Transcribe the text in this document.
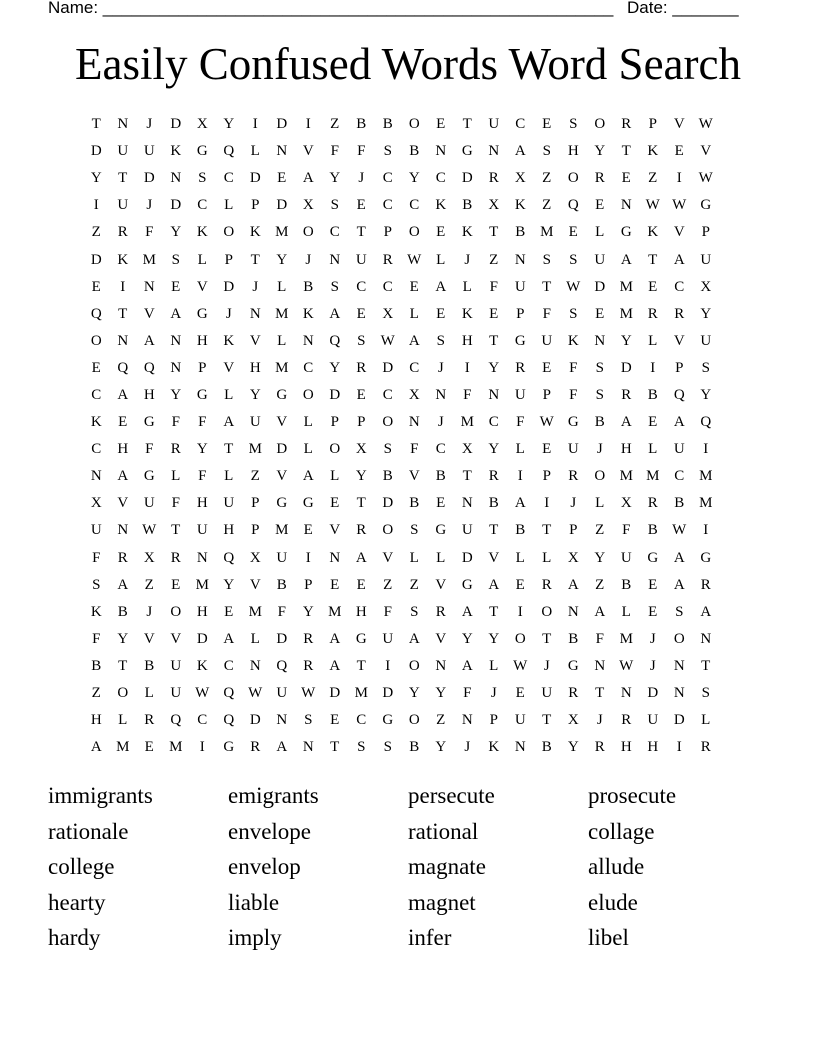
Name: ______________________________________________________ Date: _______
Easily Confused Words Word Search
T	N	J	D	X	Y	I	D	I	Z	B	B	O	E	T	U	C	E	S	O	R	P	V W
D	U	U	K	G	Q	L	N	V	F	F	S	B	N	G	N	A	S	H	Y	T	K	E	V
Y	T	D	N	S	C	D	E	A	Y	J	C	Y	C	D	R	X	Z	O	R	E	Z	I	W
I	U	J	D	C	L	P	D	X	S	E	C	C	K	B	X	K	Z	Q	E	N W W G
Z	R	F	Y	K	O	K M O	C	T	P	O	E	K	T	B M	E	L	G	K	V	P
D	K M	S	L	P	T	Y	J	N	U	R W L	J	Z	N	S	S	U	A	T	A	U
E	I	N	E	V	D	J	L	B	S	C	C	E	A	L	F	U	T W D M	E	C	X
Q	T	V	A	G	J	N M K	A	E	X	L	E	K	E	P	F	S	E	M R	R	Y
O	N	A	N	H	K	V	L	N	Q	S	W A	S	H	T	G	U	K	N	Y	L	V	U
E	Q	Q	N	P	V	H M C	Y	R	D	C	J	I	Y	R	E	F	S	D	I	P	S
C	A	H	Y	G	L	Y	G	O	D	E	C	X	N	F	N	U	P	F	S	R	B	Q	Y
K	E	G	F	F	A	U	V	L	P	P	O	N	J	M C	F	W G	B	A	E	A	Q
C	H	F	R	Y	T	M D	L	O	X	S	F	C	X	Y	L	E	U	J	H	L	U	I
N	A	G	L	F	L	Z	V	A	L	Y	B	V	B	T	R	I	P	R	O M M C M
X	V	U	F	H	U	P	G	G	E	T	D	B	E	N	B	A	I	J	L	X	R	B M
U	N W T	U	H	P	M	E	V	R	O	S	G	U	T	B	T	P	Z	F	B W	I
F	R	X	R	N	Q	X	U	I	N	A	V	L	L	D	V	L	L	X	Y	U	G	A	G
S	A	Z	E	M Y	V	B	P	E	E	Z	Z	V	G	A	E	R	A	Z	B	E	A	R
K	B	J	O	H	E	M	F	Y M H	F	S	R	A	T	I	O	N	A	L	E	S	A
F	Y	V	V	D	A	L	D	R	A	G	U	A	V	Y	Y	O	T	B	F	M	J	O	N
B	T	B	U	K	C	N	Q	R	A	T	I	O	N	A	L W	J	G	N W	J	N	T
Z	O	L	U W Q W U W D M D	Y	Y	F	J	E	U	R	T	N	D	N	S
H	L	R	Q	C	Q	D	N	S	E	C	G	O	Z	N	P	U	T	X	J	R	U	D	L
A M	E	M	I	G	R	A	N	T	S	S	B	Y	J	K	N	B	Y	R	H	H	I	R
immigrants	emigrants	persecute	prosecute
rationale	envelope	rational	collage
college	envelop	magnate	allude
hearty	liable	magnet	elude
hardy	imply	infer	libel
